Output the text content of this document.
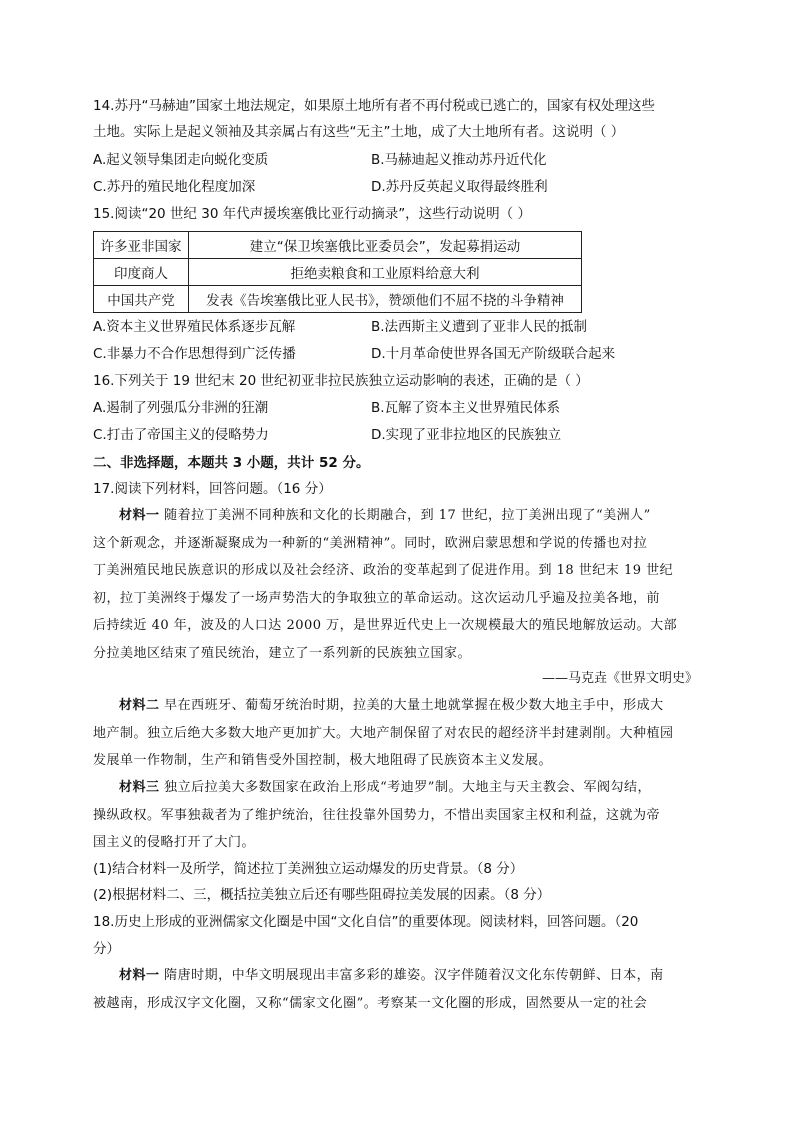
14.苏丹“马赫迪”国家土地法规定，如果原土地所有者不再付税或已逃亡的，国家有权处理这些
土地。实际上是起义领袖及其亲属占有这些“无主”土地，成了大土地所有者。这说明（ ）
A.起义领导集团走向蜕化变质	B.马赫迪起义推动苏丹近代化
C.苏丹的殖民地化程度加深	D.苏丹反英起义取得最终胜利
15.阅读“20 世纪 30 年代声援埃塞俄比亚行动摘录”，这些行动说明（ ）
许多亚非国家	建立“保卫埃塞俄比亚委员会”，发起募捐运动
印度商人	拒绝卖粮食和工业原料给意大利
中国共产党	发表《告埃塞俄比亚人民书》，赞颂他们不屈不挠的斗争精神
A.资本主义世界殖民体系逐步瓦解	B.法西斯主义遭到了亚非人民的抵制
C.非暴力不合作思想得到广泛传播	D.十月革命使世界各国无产阶级联合起来
16.下列关于 19 世纪末 20 世纪初亚非拉民族独立运动影响的表述，正确的是（ ）
A.遏制了列强瓜分非洲的狂潮	B.瓦解了资本主义世界殖民体系
C.打击了帝国主义的侵略势力	D.实现了亚非拉地区的民族独立
二、非选择题，本题共 3 小题，共计 52 分。
17.阅读下列材料，回答问题。（16 分）

材料一 随着拉丁美洲不同种族和文化的长期融合，到 17 世纪，拉丁美洲出现了“美洲人”

这个新观念，并逐渐凝聚成为一种新的“美洲精神”。同时，欧洲启蒙思想和学说的传播也对拉
丁美洲殖民地民族意识的形成以及社会经济、政治的变革起到了促进作用。到 18 世纪末 19 世纪
初，拉丁美洲终于爆发了一场声势浩大的争取独立的革命运动。这次运动几乎遍及拉美各地，前
后持续近 40 年，波及的人口达 2000 万，是世界近代史上一次规模最大的殖民地解放运动。大部
分拉美地区结束了殖民统治，建立了一系列新的民族独立国家。
——马克垚《世界文明史》

材料二 早在西班牙、葡萄牙统治时期，拉美的大量土地就掌握在极少数大地主手中，形成大

地产制。独立后绝大多数大地产更加扩大。大地产制保留了对农民的超经济半封建剥削。大种植园
发展单一作物制，生产和销售受外国控制，极大地阻碍了民族资本主义发展。

材料三 独立后拉美大多数国家在政治上形成“考迪罗”制。大地主与天主教会、军阀勾结，

操纵政权。军事独裁者为了维护统治，往往投靠外国势力，不惜出卖国家主权和利益，这就为帝
国主义的侵略打开了大门。
(1)结合材料一及所学，简述拉丁美洲独立运动爆发的历史背景。（8 分）
(2)根据材料二、三，概括拉美独立后还有哪些阻碍拉美发展的因素。（8 分）
18.历史上形成的亚洲儒家文化圈是中国“文化自信”的重要体现。阅读材料，回答问题。（20
分）

材料一 隋唐时期，中华文明展现出丰富多彩的雄姿。汉字伴随着汉文化东传朝鲜、日本，南

被越南，形成汉字文化圈，又称“儒家文化圈”。考察某一文化圈的形成，固然要从一定的社会
